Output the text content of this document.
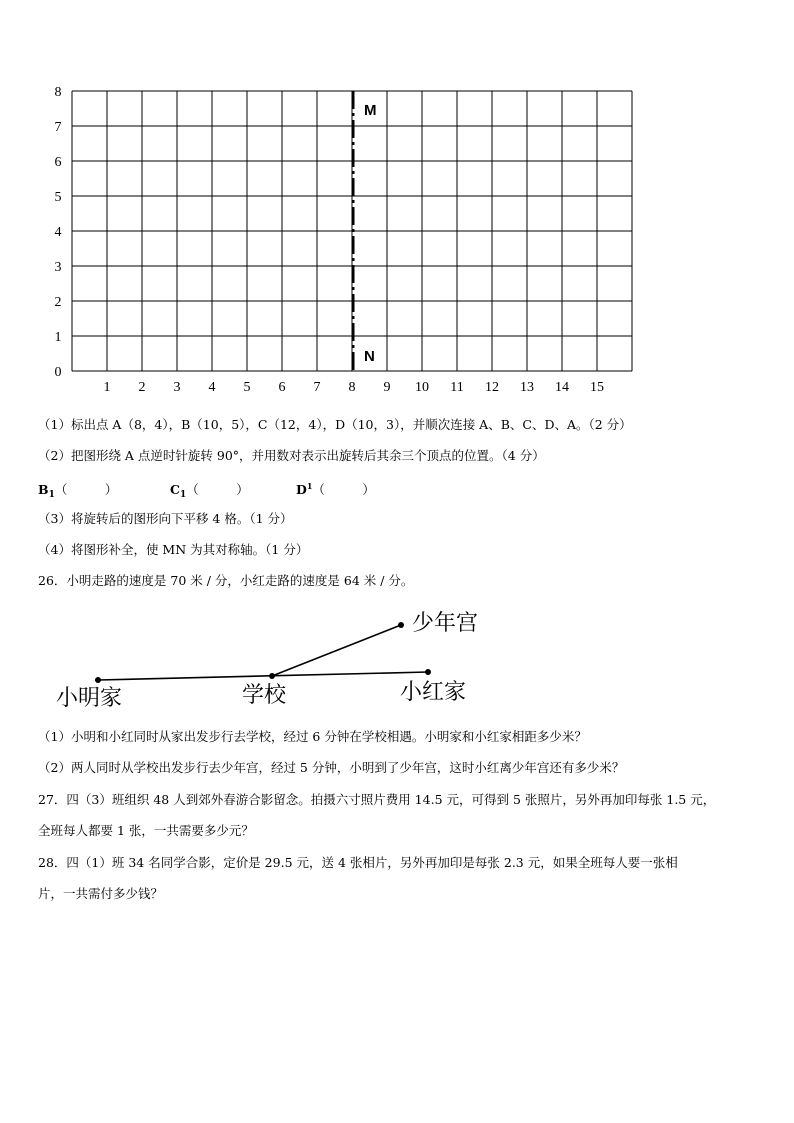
1 2 3 4 5 6 7 8 9 10 11 12 13 14 15
0
1
2
3
4
5
6
7
8
M
N
（1）标出点 A（8，4），B（10，5），C（12，4），D（10，3），并顺次连接 A、B、C、D、A。（2 分）
（2）把图形绕 A 点逆时针旋转 90°，并用数对表示出旋转后其余三个顶点的位置。（4 分）
$B_1$（　　　）	$C_1$（　　　）	$D^1$（　　　）
（3）将旋转后的图形向下平移 4 格。（1 分）
（4）将图形补全，使 MN 为其对称轴。（1 分）
26．小明走路的速度是 70 米 / 分，小红走路的速度是 64 米 / 分。
小明家	学校	小红家
少年宫
（1）小明和小红同时从家出发步行去学校，经过 6 分钟在学校相遇。小明家和小红家相距多少米？
（2）两人同时从学校出发步行去少年宫，经过 5 分钟，小明到了少年宫，这时小红离少年宫还有多少米？
27．四（3）班组织 48 人到郊外春游合影留念。拍摄六寸照片费用 14.5 元，可得到 5 张照片，另外再加印每张 1.5 元，
全班每人都要 1 张，一共需要多少元？
28．四（1）班 34 名同学合影，定价是 29.5 元，送 4 张相片，另外再加印是每张 2.3 元，如果全班每人要一张相
片，一共需付多少钱？
